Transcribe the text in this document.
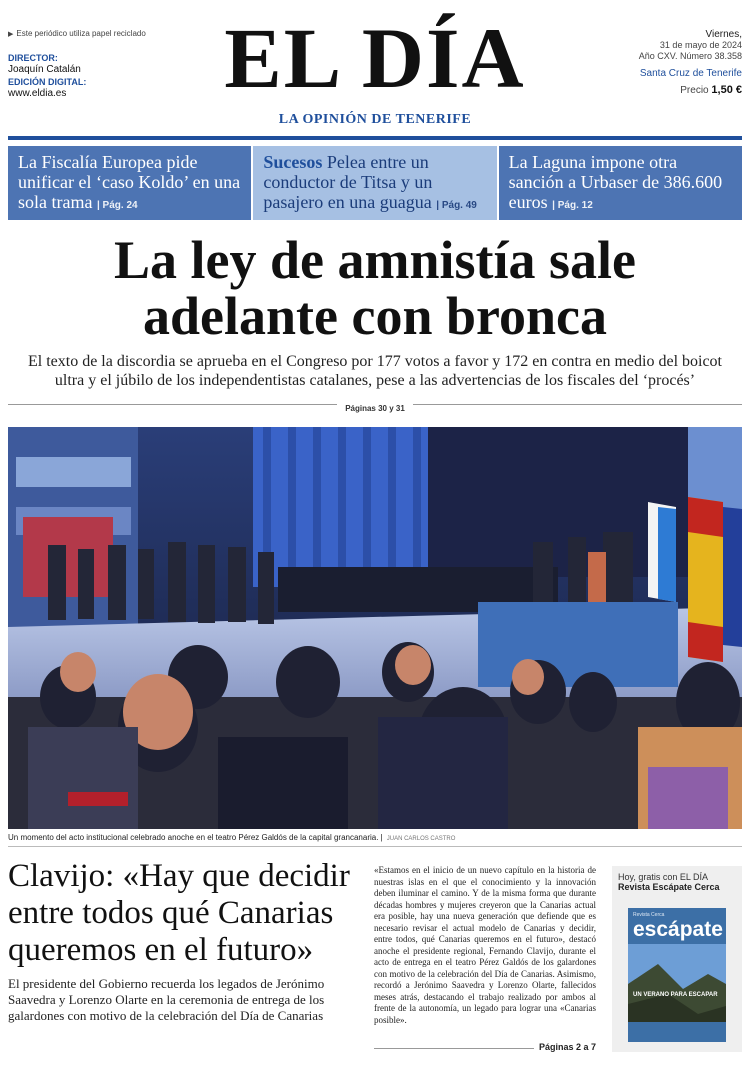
▶ Este periódico utiliza papel reciclado
DIRECTOR:
Joaquín Catalán
EDICIÓN DIGITAL:
www.eldia.es	EL DÍA
LA OPINIÓN DE TENERIFE
Viernes,
31 de mayo de 2024
Año CXV. Número 38.358
Santa Cruz de Tenerife
Precio 1,50 €
La Fiscalía Europea pide unificar el ‘caso Koldo’ en una sola trama | Pág. 24
Sucesos Pelea entre un conductor de Titsa y un pasajero en una guagua | Pág. 49
La Laguna impone otra sanción a Urbaser de 386.600 euros | Pág. 12
La ley de amnistía sale
adelante con bronca
El texto de la discordia se aprueba en el Congreso por 177 votos a favor y 172 en contra en medio del boicot ultra y el júbilo de los independentistas catalanes, pese a las advertencias de los fiscales del ‘procés’
Páginas 30 y 31
Un momento del acto institucional celebrado anoche en el teatro Pérez Galdós de la capital grancanaria. | JUAN CARLOS CASTRO
Clavijo: «Hay que decidir entre todos qué Canarias queremos en el futuro»
El presidente del Gobierno recuerda los legados de Jerónimo Saavedra y Lorenzo Olarte en la ceremonia de entrega de los galardones con motivo de la celebración del Día de Canarias
«Estamos en el inicio de un nuevo capítulo en la historia de nuestras islas en el que el conocimiento y la innovación deben iluminar el camino. Y de la misma forma que durante décadas hombres y mujeres creyeron que la Canarias actual era posible, hay una nueva generación que defiende que es necesario revisar el actual modelo de Canarias y decidir, entre todos, qué Canarias queremos en el futuro», destacó anoche el presidente regional, Fernando Clavijo, durante el acto de entrega en el teatro Pérez Galdós de los galardones con motivo de la celebración del Día de Canarias. Asimismo, recordó a Jerónimo Saavedra y Lorenzo Olarte, fallecidos meses atrás, destacando el trabajo realizado por ambos al frente de la autonomía, un legado para lograr una «Canarias posible».
Páginas 2 a 7
Hoy, gratis con EL DÍA
Revista Escápate Cerca
Revista Cerca
escápate
UN VERANO PARA ESCAPAR
